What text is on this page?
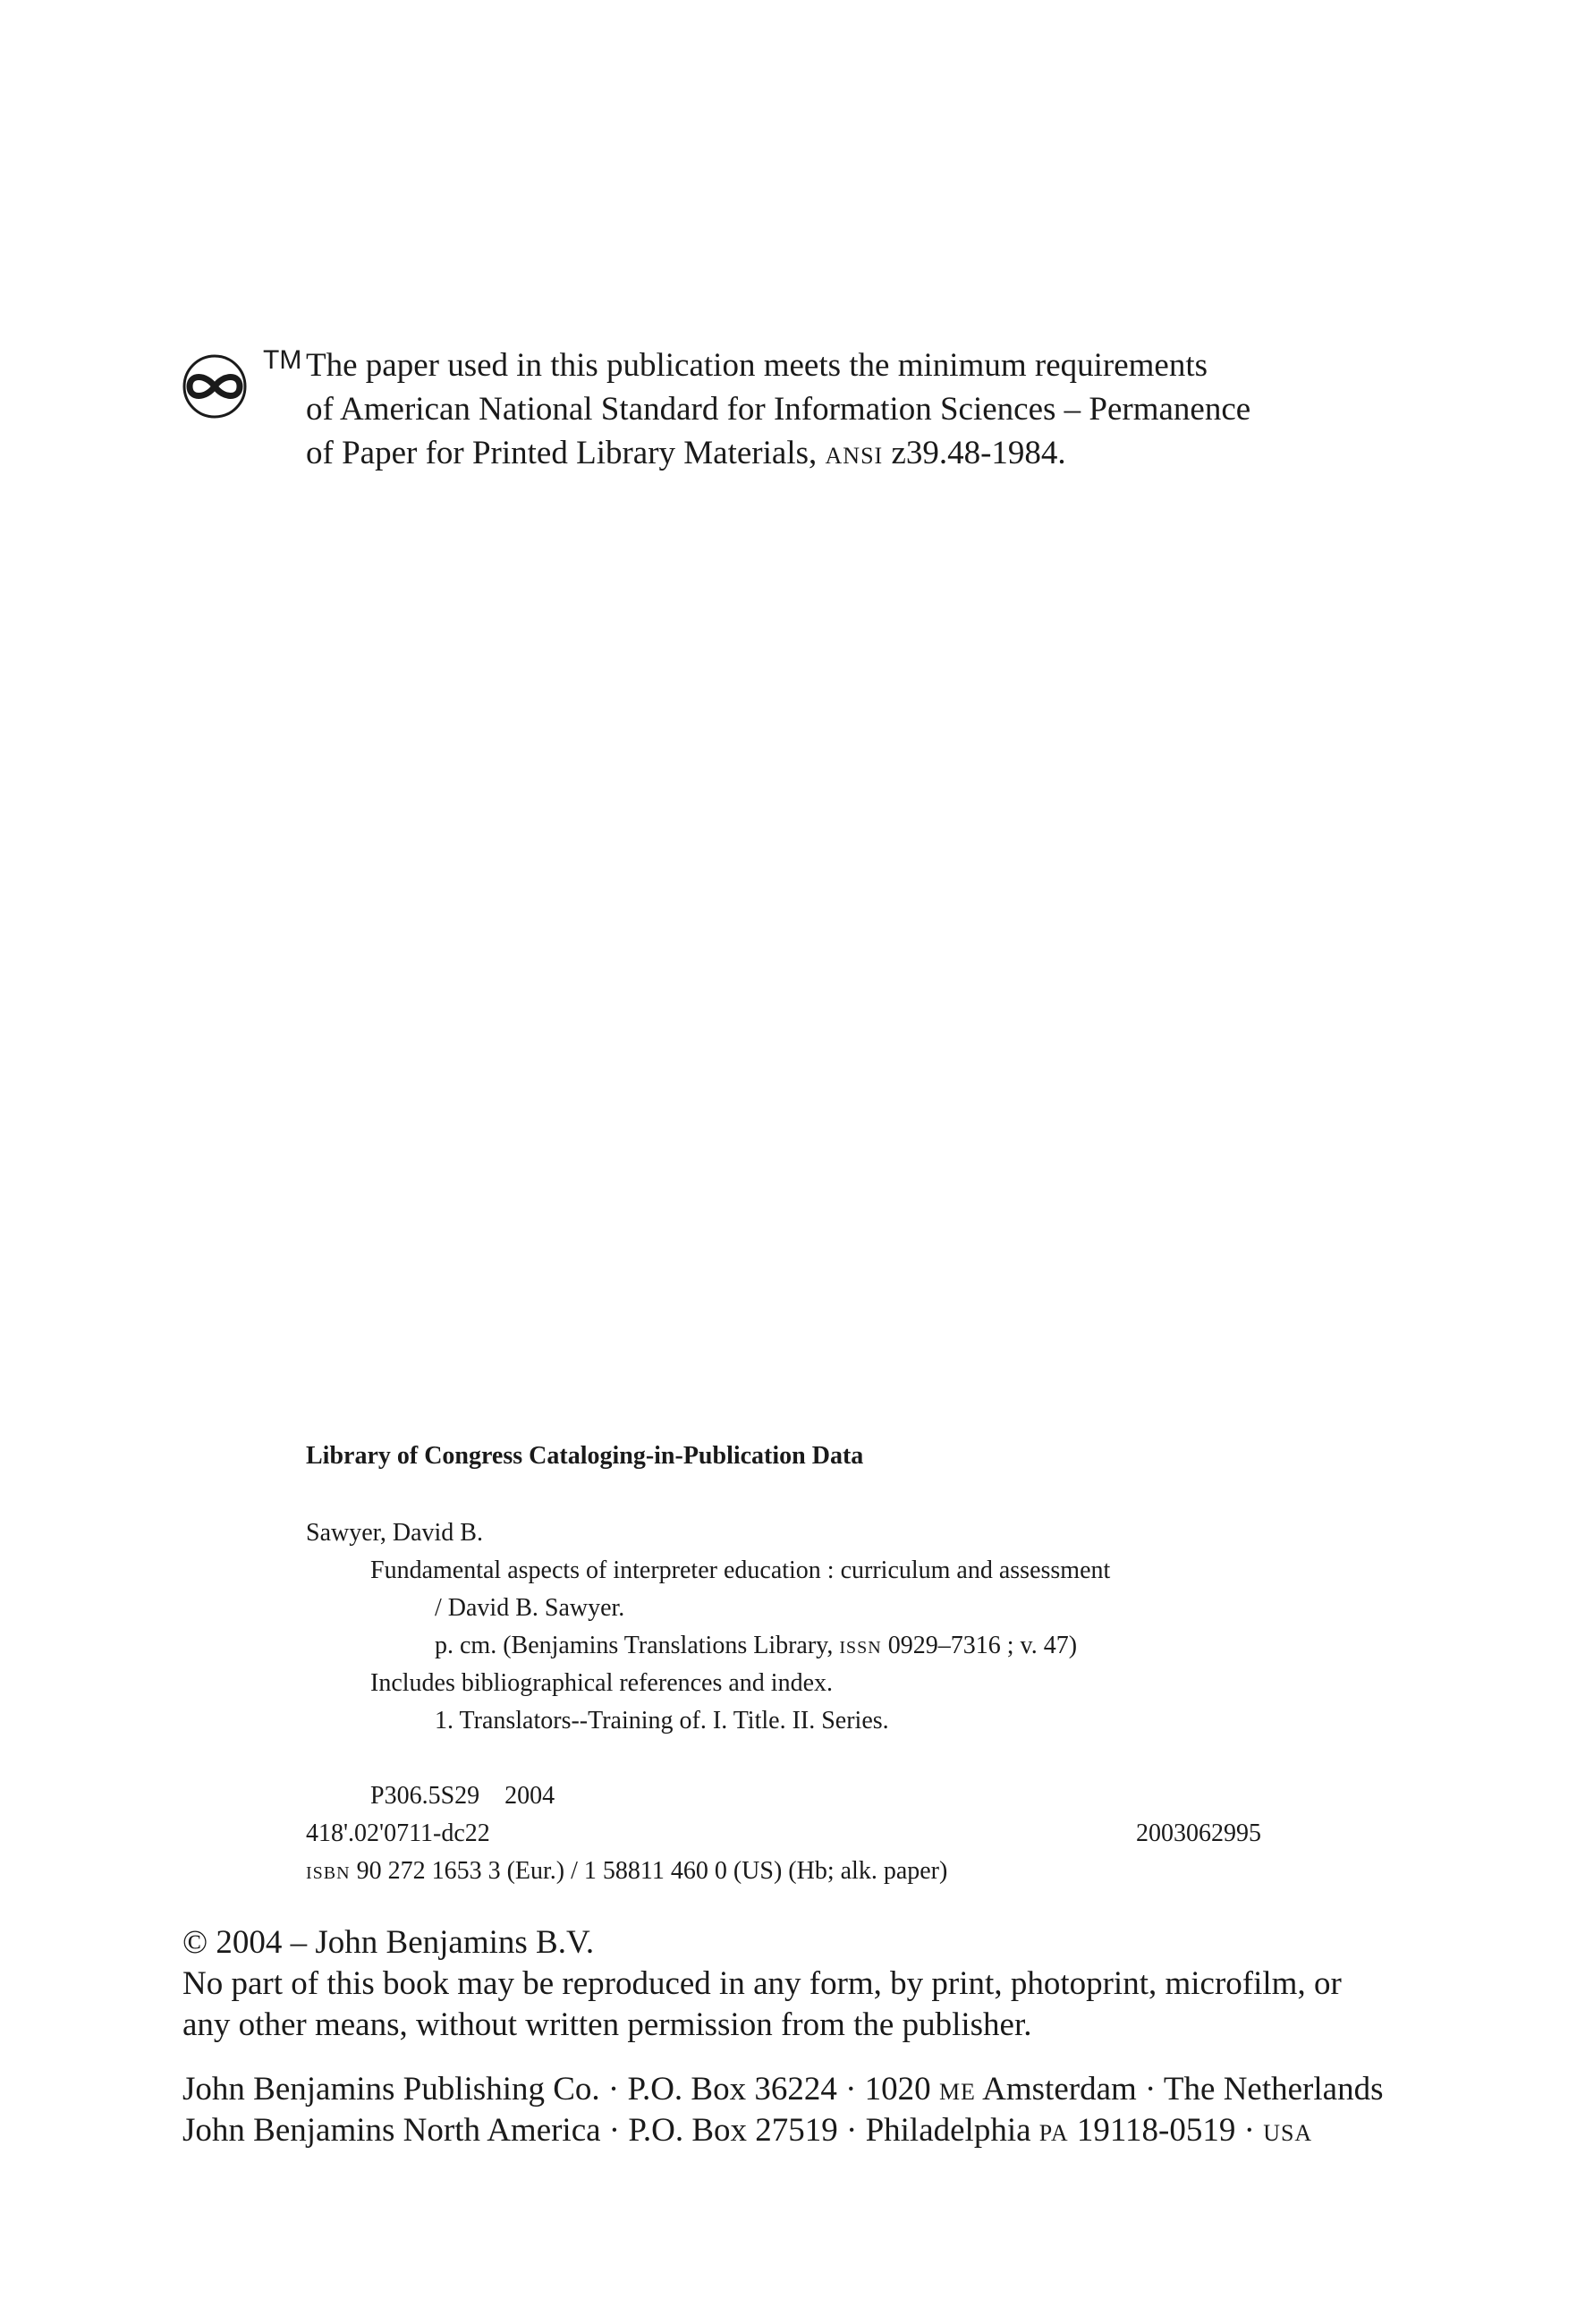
TM The paper used in this publication meets the minimum requirements
of American National Standard for Information Sciences – Permanence
of Paper for Printed Library Materials, ansi z39.48-1984.
Library of Congress Cataloging-in-Publication Data
Sawyer, David B.
Fundamental aspects of interpreter education : curriculum and assessment
/ David B. Sawyer.
p. cm. (Benjamins Translations Library, issn 0929–7316 ; v. 47)
Includes bibliographical references and index.
1. Translators--Training of. I. Title. II. Series.
P306.5S29    2004
418'.02'0711-dc22	2003062995
isbn 90 272 1653 3 (Eur.) / 1 58811 460 0 (US) (Hb; alk. paper)
© 2004 – John Benjamins B.V.
No part of this book may be reproduced in any form, by print, photoprint, microfilm, or
any other means, without written permission from the publisher.
John Benjamins Publishing Co. · P.O. Box 36224 · 1020 me Amsterdam · The Netherlands
John Benjamins North America · P.O. Box 27519 · Philadelphia pa 19118-0519 · usa
